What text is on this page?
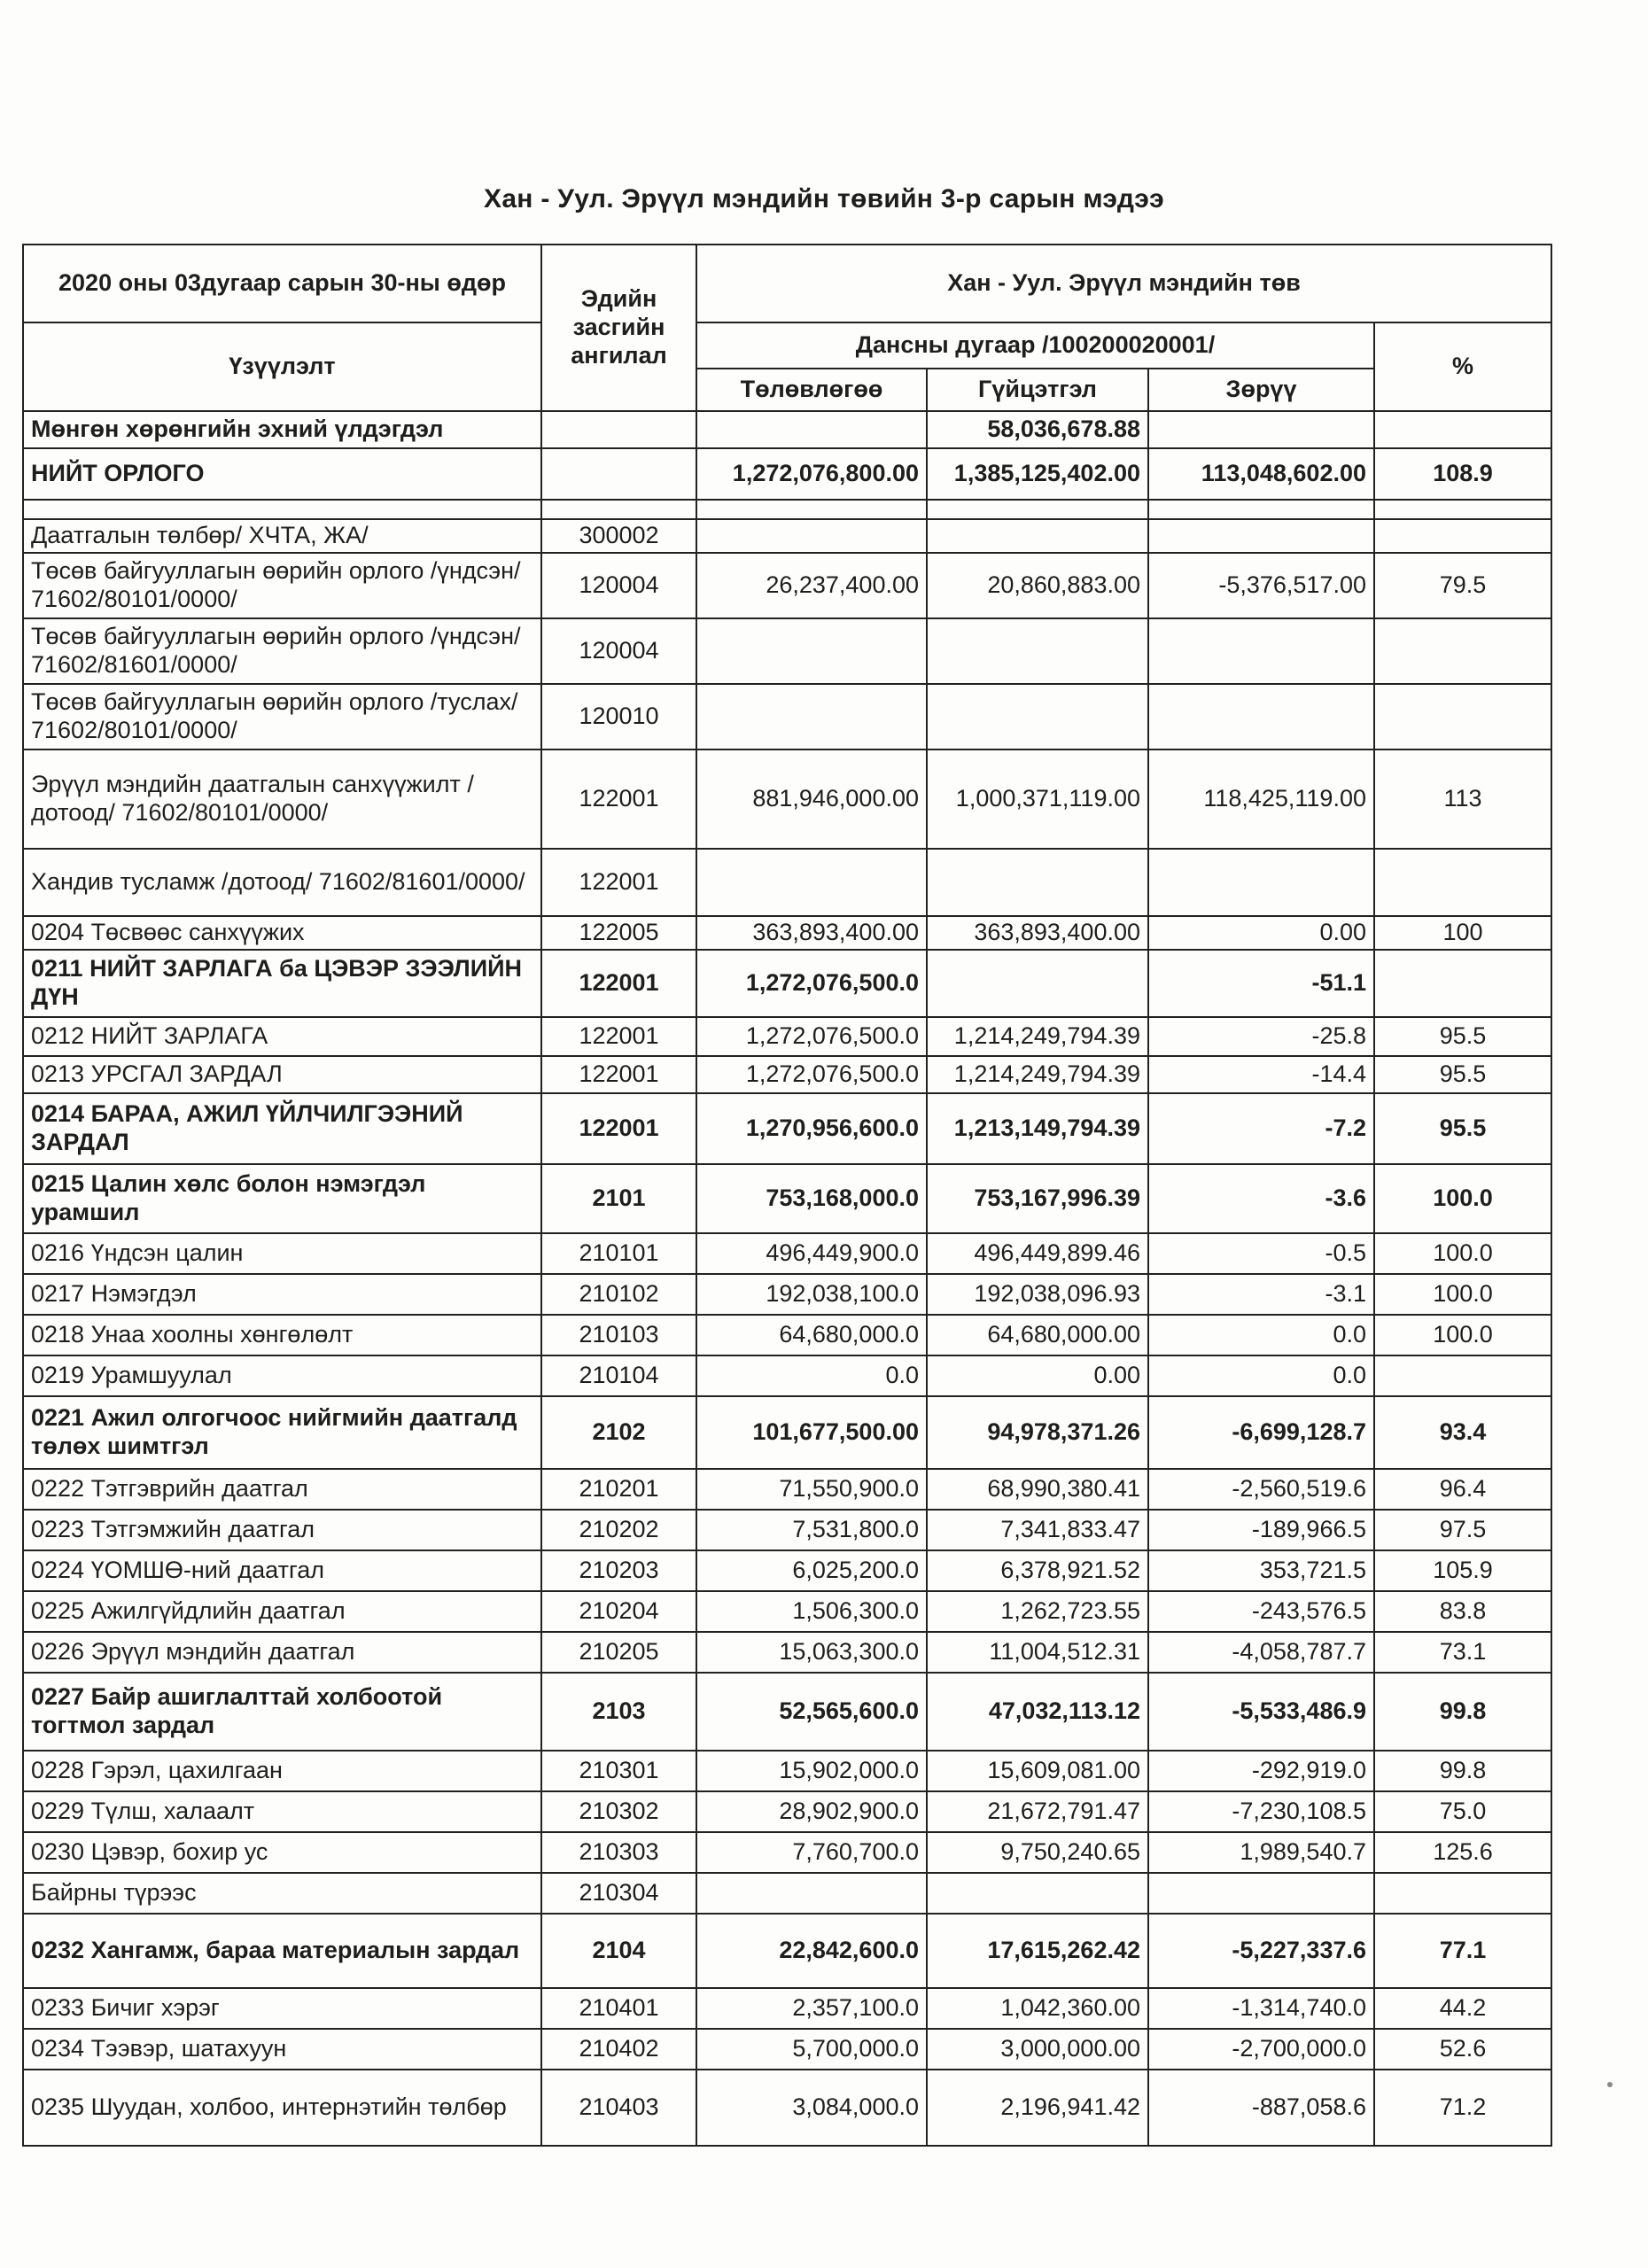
Хан - Уул. Эрүүл мэндийн төвийн 3-р сарын мэдээ
2020 оны 03дугаар сарын 30-ны өдөр	Эдийн засгийн ангилал	Хан - Уул. Эрүүл мэндийн төв			
Үзүүлэлт		Дансны дугаар /100200020001/			%
		Төлөвлөгөө	Гүйцэтгэл	Зөрүү	
Мөнгөн хөрөнгийн эхний үлдэгдэл			58,036,678.88		
НИЙТ ОРЛОГО		1,272,076,800.00	1,385,125,402.00	113,048,602.00	108.9

Даатгалын төлбөр/ ХЧТА, ЖА/	300002				
Төсөв байгууллагын өөрийн орлого /үндсэн/ 71602/80101/0000/	120004	26,237,400.00	20,860,883.00	-5,376,517.00	79.5
Төсөв байгууллагын өөрийн орлого /үндсэн/ 71602/81601/0000/	120004				
Төсөв байгууллагын өөрийн орлого /туслах/ 71602/80101/0000/	120010				
Эрүүл мэндийн даатгалын санхүүжилт /дотоод/ 71602/80101/0000/	122001	881,946,000.00	1,000,371,119.00	118,425,119.00	113
Хандив тусламж /дотоод/ 71602/81601/0000/	122001				
0204 Төсвөөс санхүүжих	122005	363,893,400.00	363,893,400.00	0.00	100
0211 НИЙТ ЗАРЛАГА ба ЦЭВЭР ЗЭЭЛИЙН ДҮН	122001	1,272,076,500.0		-51.1	
0212 НИЙТ ЗАРЛАГА	122001	1,272,076,500.0	1,214,249,794.39	-25.8	95.5
0213 УРСГАЛ ЗАРДАЛ	122001	1,272,076,500.0	1,214,249,794.39	-14.4	95.5
0214 БАРАА, АЖИЛ ҮЙЛЧИЛГЭЭНИЙ ЗАРДАЛ	122001	1,270,956,600.0	1,213,149,794.39	-7.2	95.5
0215 Цалин хөлс болон нэмэгдэл урамшил	2101	753,168,000.0	753,167,996.39	-3.6	100.0
0216 Үндсэн цалин	210101	496,449,900.0	496,449,899.46	-0.5	100.0
0217 Нэмэгдэл	210102	192,038,100.0	192,038,096.93	-3.1	100.0
0218 Унаа хоолны хөнгөлөлт	210103	64,680,000.0	64,680,000.00	0.0	100.0
0219 Урамшуулал	210104	0.0	0.00	0.0	
0221 Ажил олгогчоос нийгмийн даатгалд төлөх шимтгэл	2102	101,677,500.00	94,978,371.26	-6,699,128.7	93.4
0222 Тэтгэврийн даатгал	210201	71,550,900.0	68,990,380.41	-2,560,519.6	96.4
0223 Тэтгэмжийн даатгал	210202	7,531,800.0	7,341,833.47	-189,966.5	97.5
0224 ҮОМШӨ-ний даатгал	210203	6,025,200.0	6,378,921.52	353,721.5	105.9
0225 Ажилгүйдлийн даатгал	210204	1,506,300.0	1,262,723.55	-243,576.5	83.8
0226 Эрүүл мэндийн даатгал	210205	15,063,300.0	11,004,512.31	-4,058,787.7	73.1
0227 Байр ашиглалттай холбоотой тогтмол зардал	2103	52,565,600.0	47,032,113.12	-5,533,486.9	99.8
0228 Гэрэл, цахилгаан	210301	15,902,000.0	15,609,081.00	-292,919.0	99.8
0229 Түлш, халаалт	210302	28,902,900.0	21,672,791.47	-7,230,108.5	75.0
0230 Цэвэр, бохир ус	210303	7,760,700.0	9,750,240.65	1,989,540.7	125.6
Байрны түрээс	210304				
0232 Хангамж, бараа материалын зардал	2104	22,842,600.0	17,615,262.42	-5,227,337.6	77.1
0233 Бичиг хэрэг	210401	2,357,100.0	1,042,360.00	-1,314,740.0	44.2
0234 Тээвэр, шатахуун	210402	5,700,000.0	3,000,000.00	-2,700,000.0	52.6
0235 Шуудан, холбоо, интернэтийн төлбөр	210403	3,084,000.0	2,196,941.42	-887,058.6	71.2
